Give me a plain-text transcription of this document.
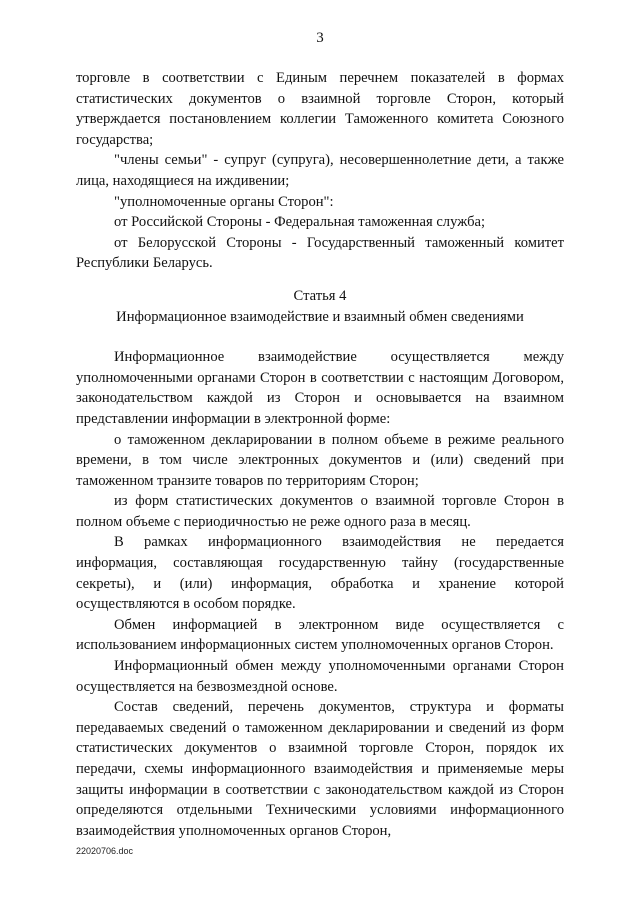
3

торговле в соответствии с Единым перечнем показателей в формах статистических документов о взаимной торговле Сторон, который утверждается постановлением коллегии Таможенного комитета Союзного государства;

"члены семьи" - супруг (супруга), несовершеннолетние дети, а также лица, находящиеся на иждивении;

"уполномоченные органы Сторон":

от Российской Стороны - Федеральная таможенная служба;

от Белорусской Стороны - Государственный таможенный комитет Республики Беларусь.

Статья 4

Информационное взаимодействие и взаимный обмен сведениями

Информационное взаимодействие осуществляется между уполномоченными органами Сторон в соответствии с настоящим Договором, законодательством каждой из Сторон и основывается на взаимном представлении информации в электронной форме:

о таможенном декларировании в полном объеме в режиме реального времени, в том числе электронных документов и (или) сведений при таможенном транзите товаров по территориям Сторон;

из форм статистических документов о взаимной торговле Сторон в полном объеме с периодичностью не реже одного раза в месяц.

В рамках информационного взаимодействия не передается информация, составляющая государственную тайну (государственные секреты), и (или) информация, обработка и хранение которой осуществляются в особом порядке.

Обмен информацией в электронном виде осуществляется с использованием информационных систем уполномоченных органов Сторон.

Информационный обмен между уполномоченными органами Сторон осуществляется на безвозмездной основе.

Состав сведений, перечень документов, структура и форматы передаваемых сведений о таможенном декларировании и сведений из форм статистических документов о взаимной торговле Сторон, порядок их передачи, схемы информационного взаимодействия и применяемые меры защиты информации в соответствии с законодательством каждой из Сторон определяются отдельными Техническими условиями информационного взаимодействия уполномоченных органов Сторон,

22020706.doc
